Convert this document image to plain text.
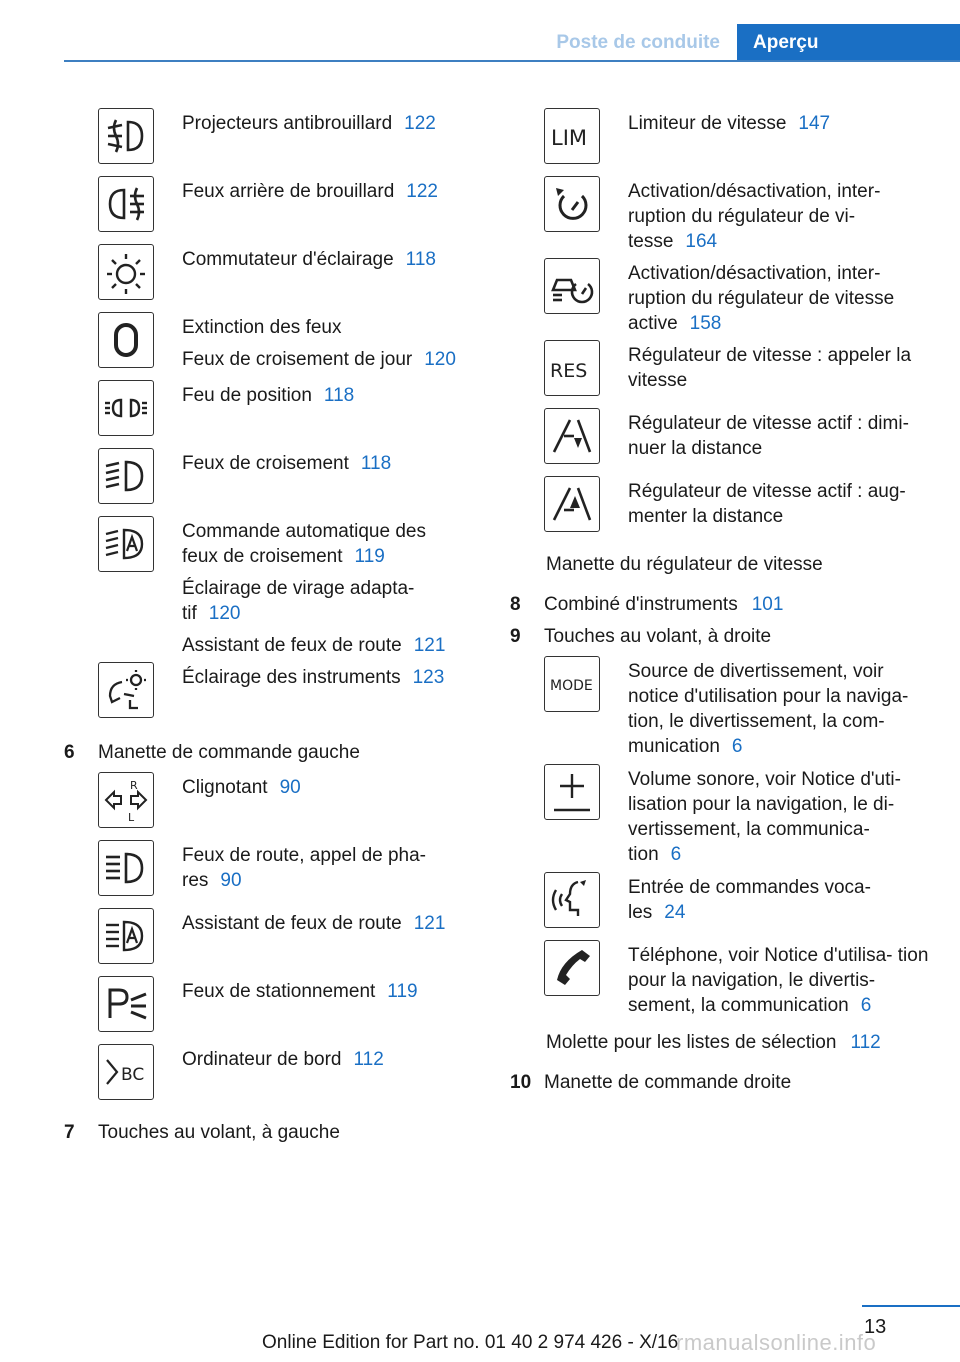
Poste de conduite	Aperçu
Projecteurs antibrouillard 122
Feux arrière de brouillard 122
Commutateur d'éclairage 118

Extinction des feux

Feux de croisement de jour 120

Feu de position 118
Feux de croisement 118

Commande automatique des feux de croisement 119

Éclairage de virage adapta‐ tif 120

Assistant de feux de route 121

Éclairage des instruments 123
6	Manette de commande gauche
R
L
Clignotant 90
Feux de route, appel de pha‐ res 90
Assistant de feux de route 121
Feux de stationnement 119
BC
Ordinateur de bord 112
7	Touches au volant, à gauche
LIM
Limiteur de vitesse 147
Activation/désactivation, inter‐ ruption du régulateur de vi‐ tesse 164
Activation/désactivation, inter‐ ruption du régulateur de vitesse active 158
RES
Régulateur de vitesse : appeler la vitesse
Régulateur de vitesse actif : dimi‐ nuer la distance
Régulateur de vitesse actif : aug‐ menter la distance
Manette du régulateur de vitesse
8	Combiné d'instruments 101
9	Touches au volant, à droite
MODE
Source de divertissement, voir notice d'utilisation pour la naviga‐ tion, le divertissement, la com‐ munication 6
Volume sonore, voir Notice d'uti‐ lisation pour la navigation, le di‐ vertissement, la communica‐ tion 6
Entrée de commandes voca‐ les 24
Téléphone, voir Notice d'utilisa‐ tion pour la navigation, le divertis‐ sement, la communication 6
Molette pour les listes de sélection 112
10 Manette de commande droite
13
Online Edition for Part no. 01 40 2 974 426 - X/16
rmanualsonline.info
